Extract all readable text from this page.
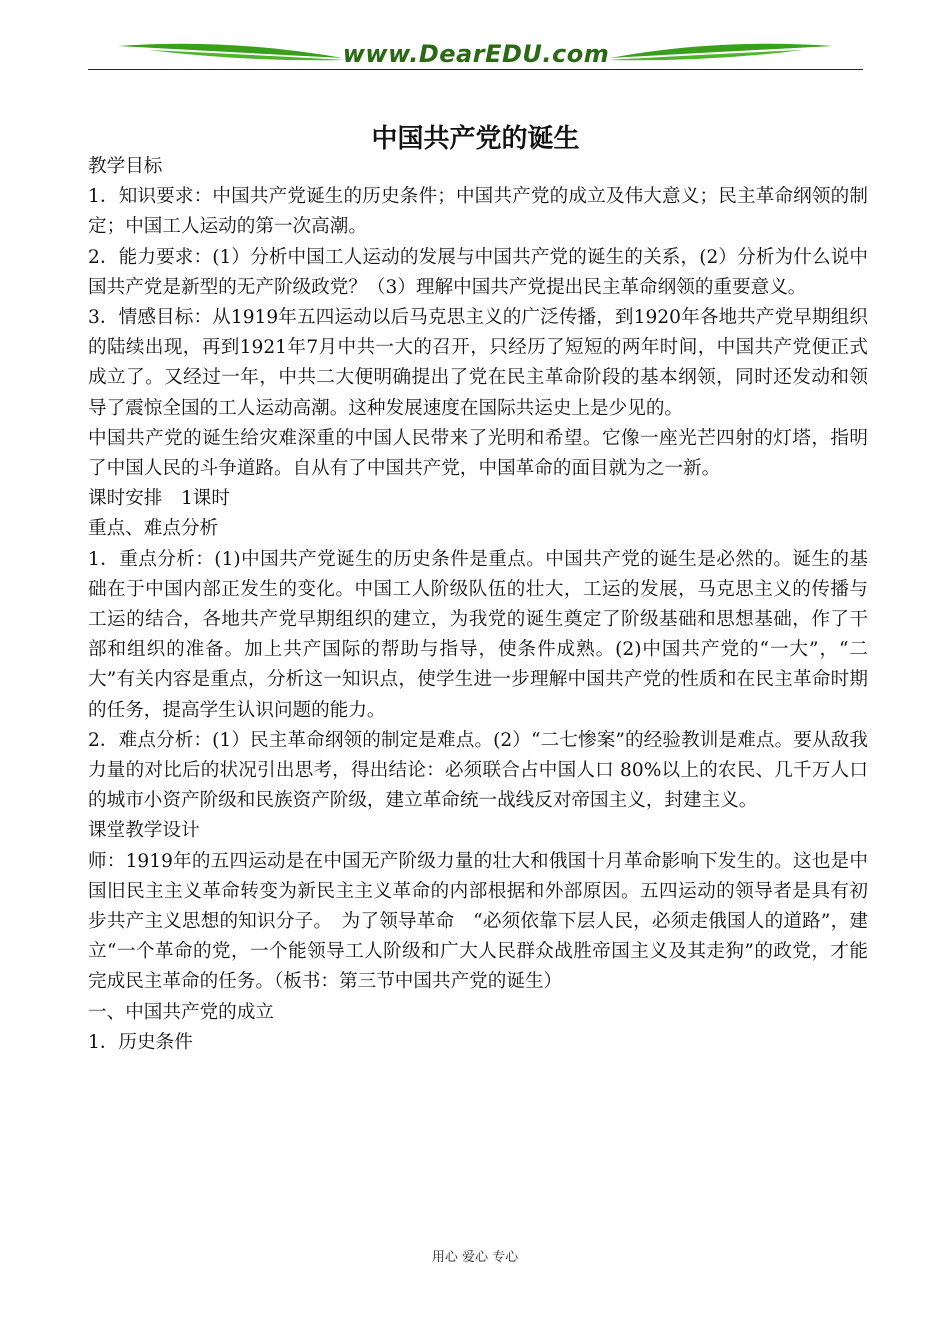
www.DearEDU.com
中国共产党的诞生

教学目标

1．知识要求：中国共产党诞生的历史条件；中国共产党的成立及伟大意义；民主革命纲领的制定；中国工人运动的第一次高潮。

2．能力要求：(1）分析中国工人运动的发展与中国共产党的诞生的关系，(2）分析为什么说中国共产党是新型的无产阶级政党？（3）理解中国共产党提出民主革命纲领的重要意义。

3．情感目标：从1919年五四运动以后马克思主义的广泛传播，到1920年各地共产党早期组织的陆续出现，再到1921年7月中共一大的召开，只经历了短短的两年时间，中国共产党便正式成立了。又经过一年，中共二大便明确提出了党在民主革命阶段的基本纲领，同时还发动和领导了震惊全国的工人运动高潮。这种发展速度在国际共运史上是少见的。

中国共产党的诞生给灾难深重的中国人民带来了光明和希望。它像一座光芒四射的灯塔，指明了中国人民的斗争道路。自从有了中国共产党，中国革命的面目就为之一新。

课时安排　1课时

重点、难点分析

1．重点分析：(1)中国共产党诞生的历史条件是重点。中国共产党的诞生是必然的。诞生的基础在于中国内部正发生的变化。中国工人阶级队伍的壮大，工运的发展，马克思主义的传播与工运的结合，各地共产党早期组织的建立，为我党的诞生奠定了阶级基础和思想基础，作了干部和组织的准备。加上共产国际的帮助与指导，使条件成熟。(2)中国共产党的“一大”，“二大”有关内容是重点，分析这一知识点，使学生进一步理解中国共产党的性质和在民主革命时期的任务，提高学生认识问题的能力。

2．难点分析：(1）民主革命纲领的制定是难点。(2）“二七惨案”的经验教训是难点。要从敌我力量的对比后的状况引出思考，得出结论：必须联合占中国人口 80%以上的农民、几千万人口的城市小资产阶级和民族资产阶级，建立革命统一战线反对帝国主义，封建主义。

课堂教学设计

师：1919年的五四运动是在中国无产阶级力量的壮大和俄国十月革命影响下发生的。这也是中国旧民主主义革命转变为新民主主义革命的内部根据和外部原因。五四运动的领导者是具有初步共产主义思想的知识分子。　为了领导革命　“必须依靠下层人民，必须走俄国人的道路”，建立“一个革命的党，一个能领导工人阶级和广大人民群众战胜帝国主义及其走狗”的政党，才能完成民主革命的任务。（板书：第三节中国共产党的诞生）

一、中国共产党的成立

1．历史条件

用心 爱心 专心
